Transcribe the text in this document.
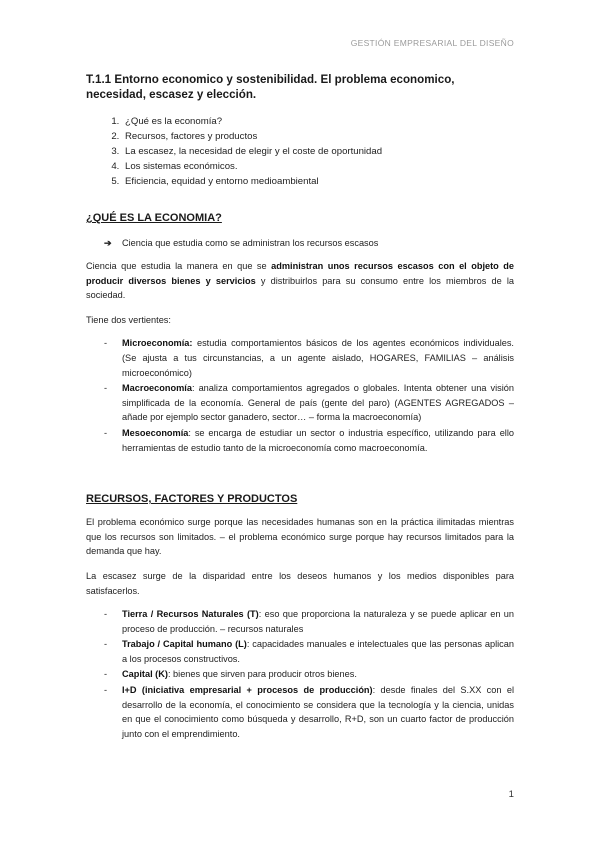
GESTIÓN EMPRESARIAL DEL DISEÑO
T.1.1 Entorno economico y sostenibilidad. El problema economico, necesidad, escasez y elección.
1. ¿Qué es la economía?
2. Recursos, factores y productos
3. La escasez, la necesidad de elegir y el coste de oportunidad
4. Los sistemas económicos.
5. Eficiencia, equidad y entorno medioambiental
¿QUÉ ES LA ECONOMIA?
➔	Ciencia que estudia como se administran los recursos escasos

Ciencia que estudia la manera en que se administran unos recursos escasos con el objeto de producir diversos bienes y servicios y distribuirlos para su consumo entre los miembros de la sociedad.

Tiene dos vertientes:

- Microeconomía: estudia comportamientos básicos de los agentes económicos individuales. (Se ajusta a tus circunstancias, a un agente aislado, HOGARES, FAMILIAS – análisis microeconómico)
- Macroeconomía: analiza comportamientos agregados o globales. Intenta obtener una visión simplificada de la economía. General de país (gente del paro) (AGENTES AGREGADOS – añade por ejemplo sector ganadero, sector… – forma la macroeconomía)
- Mesoeconomía: se encarga de estudiar un sector o industria específico, utilizando para ello herramientas de estudio tanto de la microeconomía como macroeconomía.
RECURSOS, FACTORES Y PRODUCTOS

El problema económico surge porque las necesidades humanas son en la práctica ilimitadas mientras que los recursos son limitados. – el problema económico surge porque hay recursos limitados para la demanda que hay.

La escasez surge de la disparidad entre los deseos humanos y los medios disponibles para satisfacerlos.

- Tierra / Recursos Naturales (T): eso que proporciona la naturaleza y se puede aplicar en un proceso de producción. – recursos naturales
- Trabajo / Capital humano (L): capacidades manuales e intelectuales que las personas aplican a los procesos constructivos.
- Capital (K): bienes que sirven para producir otros bienes.
- I+D (iniciativa empresarial + procesos de producción): desde finales del S.XX con el desarrollo de la economía, el conocimiento se considera que la tecnología y la ciencia, unidas en que el conocimiento como búsqueda y desarrollo, R+D, son un cuarto factor de producción junto con el emprendimiento.
1
